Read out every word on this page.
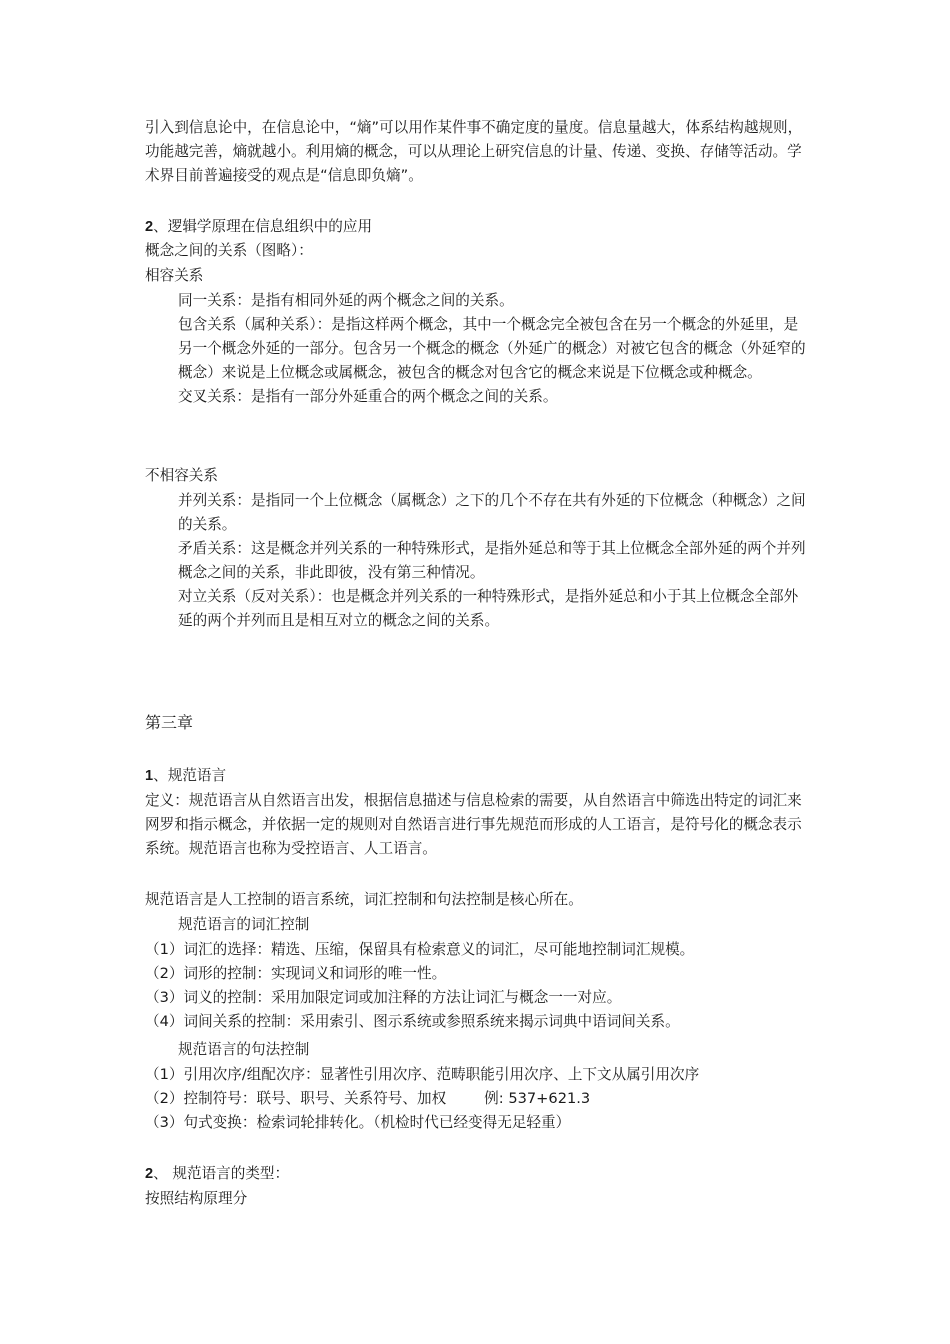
引入到信息论中，在信息论中，“熵”可以用作某件事不确定度的量度。信息量越大，体系结构越规则，功能越完善，熵就越小。利用熵的概念，可以从理论上研究信息的计量、传递、变换、存储等活动。学术界目前普遍接受的观点是“信息即负熵”。

2、逻辑学原理在信息组织中的应用
概念之间的关系（图略）：
相容关系

同一关系：是指有相同外延的两个概念之间的关系。

包含关系（属种关系）：是指这样两个概念，其中一个概念完全被包含在另一个概念的外延里，是另一个概念外延的一部分。包含另一个概念的概念（外延广的概念）对被它包含的概念（外延窄的概念）来说是上位概念或属概念，被包含的概念对包含它的概念来说是下位概念或种概念。

交叉关系：是指有一部分外延重合的两个概念之间的关系。

不相容关系

并列关系：是指同一个上位概念（属概念）之下的几个不存在共有外延的下位概念（种概念）之间的关系。

矛盾关系：这是概念并列关系的一种特殊形式，是指外延总和等于其上位概念全部外延的两个并列概念之间的关系，非此即彼，没有第三种情况。

对立关系（反对关系）：也是概念并列关系的一种特殊形式，是指外延总和小于其上位概念全部外延的两个并列而且是相互对立的概念之间的关系。

第三章
1、规范语言

定义：规范语言从自然语言出发，根据信息描述与信息检索的需要，从自然语言中筛选出特定的词汇来网罗和指示概念，并依据一定的规则对自然语言进行事先规范而形成的人工语言，是符号化的概念表示系统。规范语言也称为受控语言、人工语言。

规范语言是人工控制的语言系统，词汇控制和句法控制是核心所在。
规范语言的词汇控制
（1）词汇的选择：精选、压缩，保留具有检索意义的词汇，尽可能地控制词汇规模。
（2）词形的控制：实现词义和词形的唯一性。
（3）词义的控制：采用加限定词或加注释的方法让词汇与概念一一对应。
（4）词间关系的控制：采用索引、图示系统或参照系统来揭示词典中语词间关系。
规范语言的句法控制
（1）引用次序/组配次序：显著性引用次序、范畴职能引用次序、上下文从属引用次序
（2）控制符号：联号、职号、关系符号、加权	例: 537+621.3
（3）句式变换：检索词轮排转化。（机检时代已经变得无足轻重）
2、 规范语言的类型：
按照结构原理分
